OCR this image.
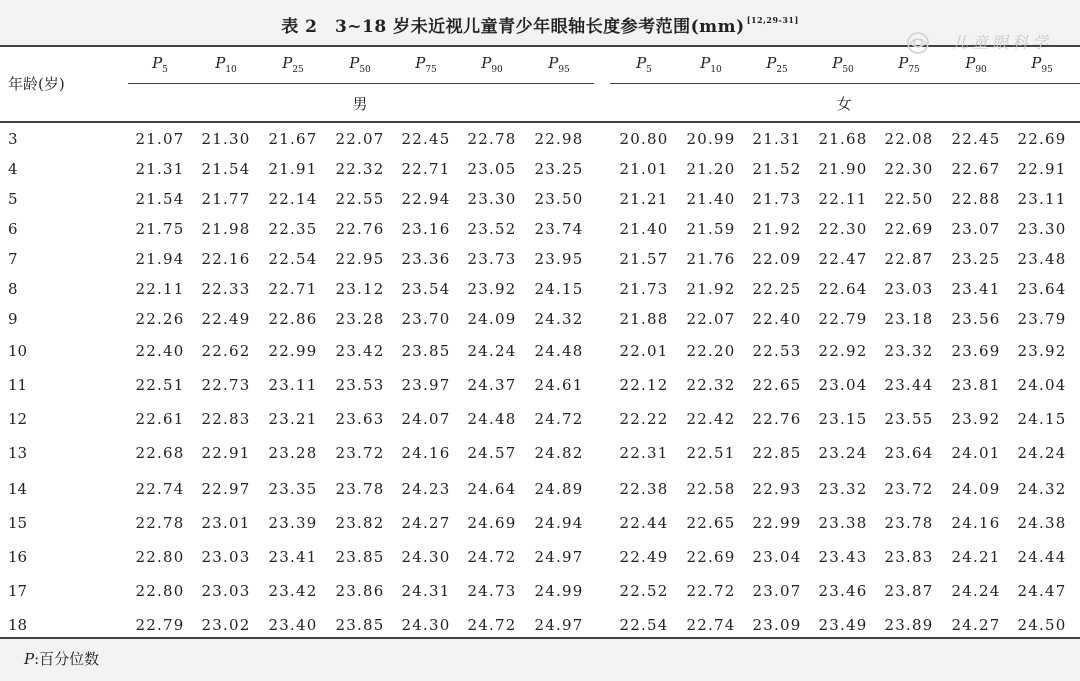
表 2　3~18 岁未近视儿童青少年眼轴长度参考范围(mm) [12,29-31]
儿童眼科学
年龄(岁)
$P_5$	$P_{10}$	$P_{25}$	$P_{50}$	$P_{75}$	$P_{90}$	$P_{95}$	$P_5$	$P_{10}$	$P_{25}$	$P_{50}$	$P_{75}$	$P_{90}$	$P_{95}$
男	女
3	21.07	21.30	21.67	22.07	22.45	22.78	22.98	20.80	20.99	21.31	21.68	22.08	22.45	22.69
4	21.31	21.54	21.91	22.32	22.71	23.05	23.25	21.01	21.20	21.52	21.90	22.30	22.67	22.91
5	21.54	21.77	22.14	22.55	22.94	23.30	23.50	21.21	21.40	21.73	22.11	22.50	22.88	23.11
6	21.75	21.98	22.35	22.76	23.16	23.52	23.74	21.40	21.59	21.92	22.30	22.69	23.07	23.30
7	21.94	22.16	22.54	22.95	23.36	23.73	23.95	21.57	21.76	22.09	22.47	22.87	23.25	23.48
8	22.11	22.33	22.71	23.12	23.54	23.92	24.15	21.73	21.92	22.25	22.64	23.03	23.41	23.64
9	22.26	22.49	22.86	23.28	23.70	24.09	24.32	21.88	22.07	22.40	22.79	23.18	23.56	23.79
10	22.40	22.62	22.99	23.42	23.85	24.24	24.48	22.01	22.20	22.53	22.92	23.32	23.69	23.92
11	22.51	22.73	23.11	23.53	23.97	24.37	24.61	22.12	22.32	22.65	23.04	23.44	23.81	24.04
12	22.61	22.83	23.21	23.63	24.07	24.48	24.72	22.22	22.42	22.76	23.15	23.55	23.92	24.15
13	22.68	22.91	23.28	23.72	24.16	24.57	24.82	22.31	22.51	22.85	23.24	23.64	24.01	24.24
14	22.74	22.97	23.35	23.78	24.23	24.64	24.89	22.38	22.58	22.93	23.32	23.72	24.09	24.32
15	22.78	23.01	23.39	23.82	24.27	24.69	24.94	22.44	22.65	22.99	23.38	23.78	24.16	24.38
16	22.80	23.03	23.41	23.85	24.30	24.72	24.97	22.49	22.69	23.04	23.43	23.83	24.21	24.44
17	22.80	23.03	23.42	23.86	24.31	24.73	24.99	22.52	22.72	23.07	23.46	23.87	24.24	24.47
18	22.79	23.02	23.40	23.85	24.30	24.72	24.97	22.54	22.74	23.09	23.49	23.89	24.27	24.50
P:百分位数
